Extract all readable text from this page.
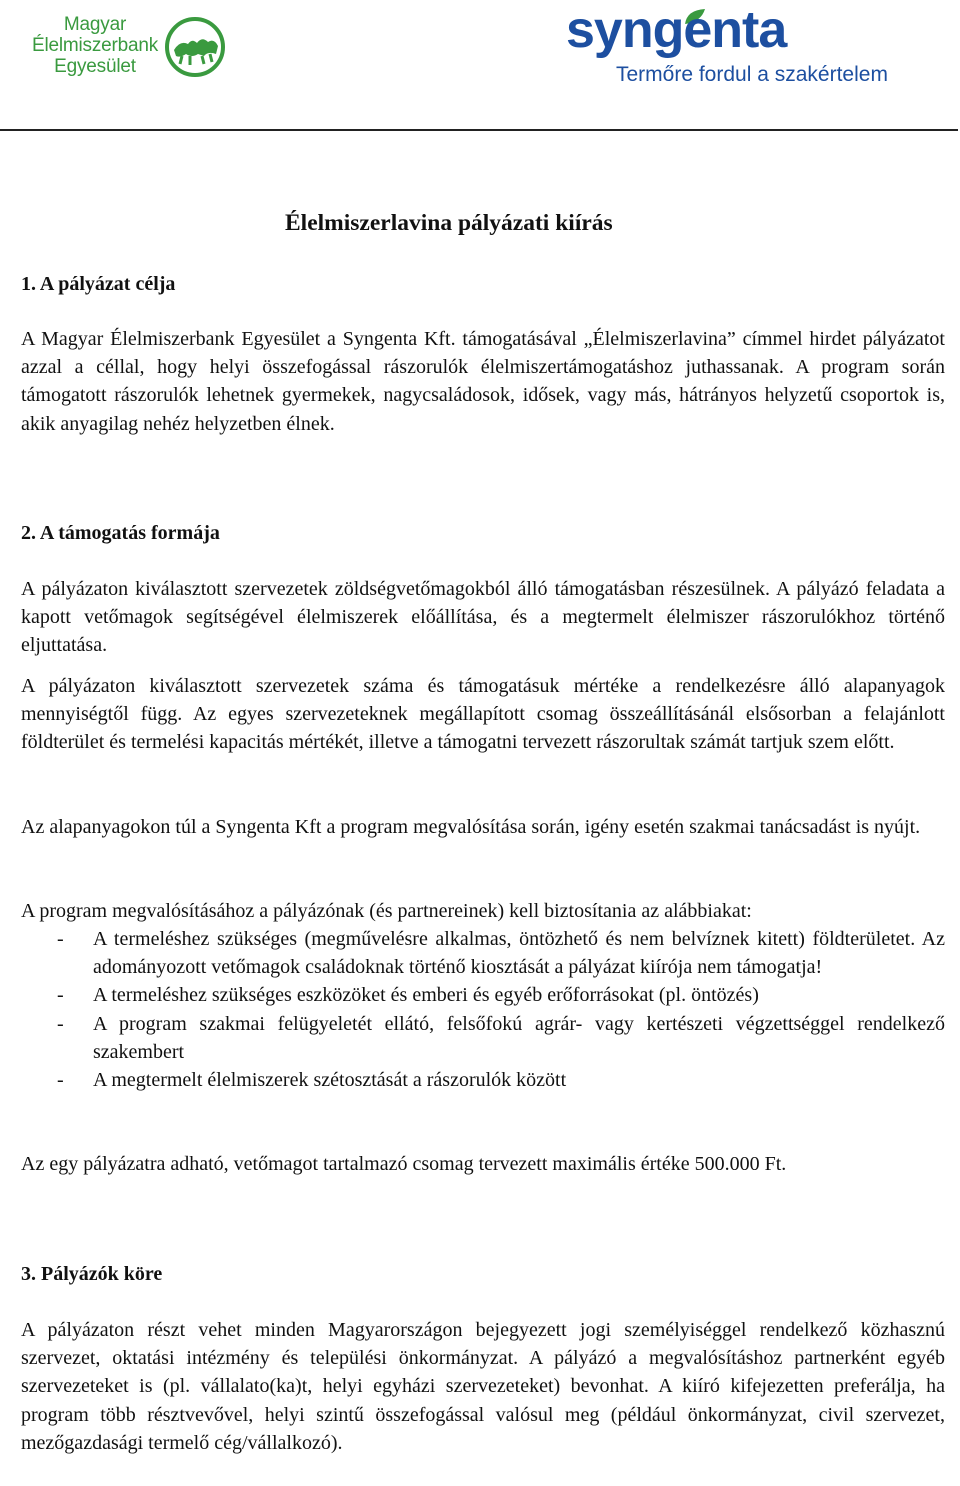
Magyar
Élelmiszerbank
Egyesület
syngenta
Termőre fordul a szakértelem
Élelmiszerlavina pályázati kiírás
1. A pályázat célja

A Magyar Élelmiszerbank Egyesület a Syngenta Kft. támogatásával „Élelmiszerlavina” címmel hirdet pályázatot azzal a céllal, hogy helyi összefogással rászorulók élelmiszertámogatáshoz juthassanak. A program során támogatott rászorulók lehetnek gyermekek, nagycsaládosok, idősek, vagy más, hátrányos helyzetű csoportok is, akik anyagilag nehéz helyzetben élnek.

2. A támogatás formája

A pályázaton kiválasztott szervezetek zöldségvetőmagokból álló támogatásban részesülnek. A pályázó feladata a kapott vetőmagok segítségével élelmiszerek előállítása, és a megtermelt élelmiszer rászorulókhoz történő eljuttatása.

A pályázaton kiválasztott szervezetek száma és támogatásuk mértéke a rendelkezésre álló alapanyagok mennyiségtől függ. Az egyes szervezeteknek megállapított csomag összeállításánál elsősorban a felajánlott földterület és termelési kapacitás mértékét, illetve a támogatni tervezett rászorultak számát tartjuk szem előtt.

Az alapanyagokon túl a Syngenta Kft a program megvalósítása során, igény esetén szakmai tanácsadást is nyújt.

A program megvalósításához a pályázónak (és partnereinek) kell biztosítania az alábbiakat:

- A termeléshez szükséges (megművelésre alkalmas, öntözhető és nem belvíznek kitett) földterületet. Az adományozott vetőmagok családoknak történő kiosztását a pályázat kiírója nem támogatja!
- A termeléshez szükséges eszközöket és emberi és egyéb erőforrásokat (pl. öntözés)
- A program szakmai felügyeletét ellátó, felsőfokú agrár- vagy kertészeti végzettséggel rendelkező szakembert
- A megtermelt élelmiszerek szétosztását a rászorulók között

Az egy pályázatra adható, vetőmagot tartalmazó csomag tervezett maximális értéke 500.000 Ft.

3. Pályázók köre

A pályázaton részt vehet minden Magyarországon bejegyezett jogi személyiséggel rendelkező közhasznú szervezet, oktatási intézmény és települési önkormányzat. A pályázó a megvalósításhoz partnerként egyéb szervezeteket is (pl. vállalato(ka)t, helyi egyházi szervezeteket) bevonhat. A kiíró kifejezetten preferálja, ha program több résztvevővel, helyi szintű összefogással valósul meg (például önkormányzat, civil szervezet, mezőgazdasági termelő cég/vállalkozó).
